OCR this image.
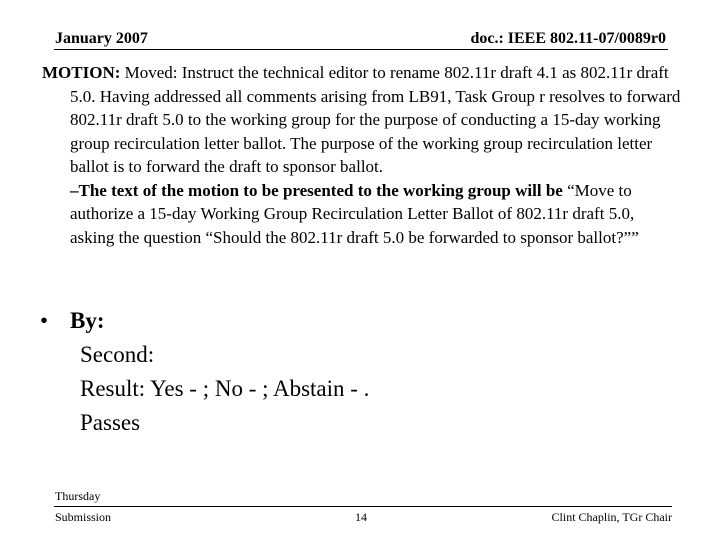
January 2007	doc.: IEEE 802.11-07/0089r0

MOTION: Moved: Instruct the technical editor to rename 802.11r draft 4.1 as 802.11r draft 5.0. Having addressed all comments arising from LB91, Task Group r resolves to forward 802.11r draft 5.0 to the working group for the purpose of conducting a 15-day working group recirculation letter ballot. The purpose of the working group recirculation letter ballot is to forward the draft to sponsor ballot.

–The text of the motion to be presented to the working group will be “Move to authorize a 15-day Working Group Recirculation Letter Ballot of 802.11r draft 5.0, asking the question “Should the 802.11r draft 5.0 be forwarded to sponsor ballot?””

• By:
Second:
Result: Yes - ; No - ; Abstain - .
Passes
Thursday
Submission	14	Clint Chaplin, TGr Chair
